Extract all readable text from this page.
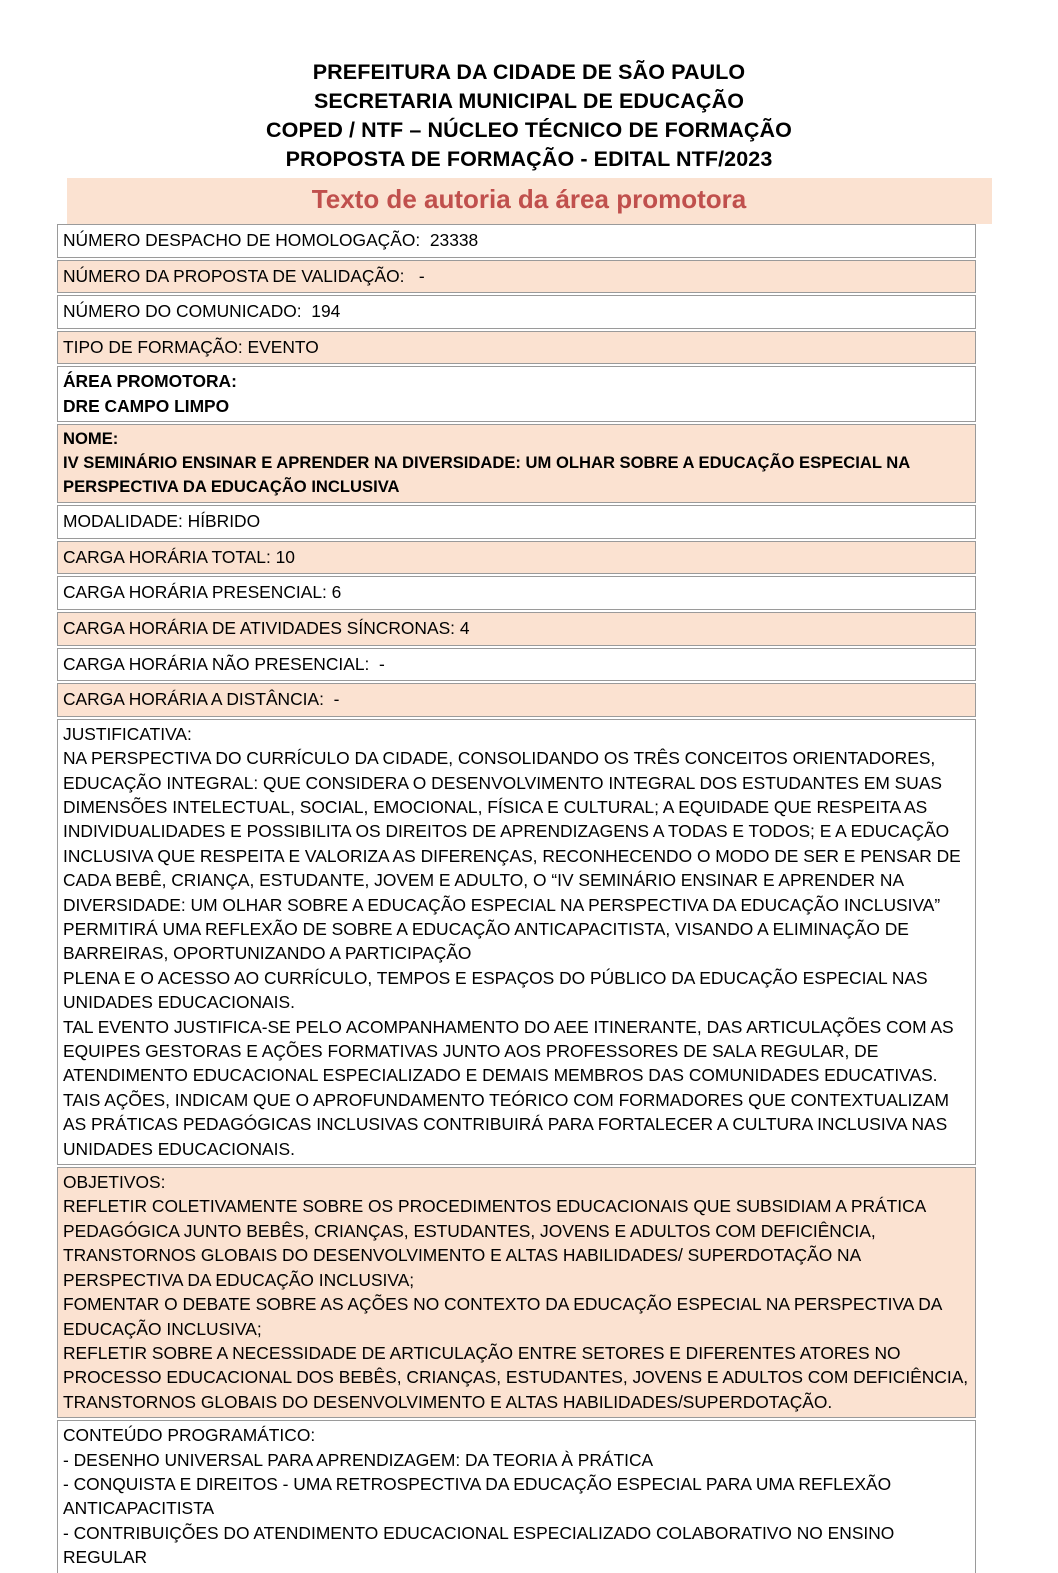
PREFEITURA DA CIDADE DE SÃO PAULO
SECRETARIA MUNICIPAL DE EDUCAÇÃO
COPED / NTF – NÚCLEO TÉCNICO DE FORMAÇÃO
PROPOSTA DE FORMAÇÃO - EDITAL NTF/2023
Texto de autoria da área promotora
NÚMERO DESPACHO DE HOMOLOGAÇÃO:  23338
NÚMERO DA PROPOSTA DE VALIDAÇÃO:   -
NÚMERO DO COMUNICADO:  194
TIPO DE FORMAÇÃO: EVENTO
ÁREA PROMOTORA:
DRE CAMPO LIMPO
NOME:
IV SEMINÁRIO ENSINAR E APRENDER NA DIVERSIDADE: UM OLHAR SOBRE A EDUCAÇÃO ESPECIAL NA PERSPECTIVA DA EDUCAÇÃO INCLUSIVA
MODALIDADE: HÍBRIDO
CARGA HORÁRIA TOTAL: 10
CARGA HORÁRIA PRESENCIAL: 6
CARGA HORÁRIA DE ATIVIDADES SÍNCRONAS: 4
CARGA HORÁRIA NÃO PRESENCIAL:  -
CARGA HORÁRIA A DISTÂNCIA:  -
JUSTIFICATIVA:
NA PERSPECTIVA DO CURRÍCULO DA CIDADE, CONSOLIDANDO OS TRÊS CONCEITOS ORIENTADORES, EDUCAÇÃO INTEGRAL: QUE CONSIDERA O DESENVOLVIMENTO INTEGRAL DOS ESTUDANTES EM SUAS DIMENSÕES INTELECTUAL, SOCIAL, EMOCIONAL, FÍSICA E CULTURAL; A EQUIDADE QUE RESPEITA AS INDIVIDUALIDADES E POSSIBILITA OS DIREITOS DE APRENDIZAGENS A TODAS E TODOS; E A EDUCAÇÃO INCLUSIVA QUE RESPEITA E VALORIZA AS DIFERENÇAS, RECONHECENDO O MODO DE SER E PENSAR DE CADA BEBÊ, CRIANÇA, ESTUDANTE, JOVEM E ADULTO, O “IV SEMINÁRIO ENSINAR E APRENDER NA DIVERSIDADE: UM OLHAR SOBRE A EDUCAÇÃO ESPECIAL NA PERSPECTIVA DA EDUCAÇÃO INCLUSIVA” PERMITIRÁ UMA REFLEXÃO DE SOBRE A EDUCAÇÃO ANTICAPACITISTA, VISANDO A ELIMINAÇÃO DE BARREIRAS, OPORTUNIZANDO A PARTICIPAÇÃO
PLENA E O ACESSO AO CURRÍCULO, TEMPOS E ESPAÇOS DO PÚBLICO DA EDUCAÇÃO ESPECIAL NAS UNIDADES EDUCACIONAIS.
TAL EVENTO JUSTIFICA-SE PELO ACOMPANHAMENTO DO AEE ITINERANTE, DAS ARTICULAÇÕES COM AS EQUIPES GESTORAS E AÇÕES FORMATIVAS JUNTO AOS PROFESSORES DE SALA REGULAR, DE ATENDIMENTO EDUCACIONAL ESPECIALIZADO E DEMAIS MEMBROS DAS COMUNIDADES EDUCATIVAS. TAIS AÇÕES, INDICAM QUE O APROFUNDAMENTO TEÓRICO COM FORMADORES QUE CONTEXTUALIZAM AS PRÁTICAS PEDAGÓGICAS INCLUSIVAS CONTRIBUIRÁ PARA FORTALECER A CULTURA INCLUSIVA NAS UNIDADES EDUCACIONAIS.
OBJETIVOS:
REFLETIR COLETIVAMENTE SOBRE OS PROCEDIMENTOS EDUCACIONAIS QUE SUBSIDIAM A PRÁTICA PEDAGÓGICA JUNTO BEBÊS, CRIANÇAS, ESTUDANTES, JOVENS E ADULTOS COM DEFICIÊNCIA, TRANSTORNOS GLOBAIS DO DESENVOLVIMENTO E ALTAS HABILIDADES/ SUPERDOTAÇÃO NA PERSPECTIVA DA EDUCAÇÃO INCLUSIVA;
FOMENTAR O DEBATE SOBRE AS AÇÕES NO CONTEXTO DA EDUCAÇÃO ESPECIAL NA PERSPECTIVA DA EDUCAÇÃO INCLUSIVA;
REFLETIR SOBRE A NECESSIDADE DE ARTICULAÇÃO ENTRE SETORES E DIFERENTES ATORES NO PROCESSO EDUCACIONAL DOS BEBÊS, CRIANÇAS, ESTUDANTES, JOVENS E ADULTOS COM DEFICIÊNCIA, TRANSTORNOS GLOBAIS DO DESENVOLVIMENTO E ALTAS HABILIDADES/SUPERDOTAÇÃO.
CONTEÚDO PROGRAMÁTICO:
- DESENHO UNIVERSAL PARA APRENDIZAGEM: DA TEORIA À PRÁTICA
- CONQUISTA E DIREITOS - UMA RETROSPECTIVA DA EDUCAÇÃO ESPECIAL PARA UMA REFLEXÃO ANTICAPACITISTA
- CONTRIBUIÇÕES DO ATENDIMENTO EDUCACIONAL ESPECIALIZADO COLABORATIVO NO ENSINO REGULAR
